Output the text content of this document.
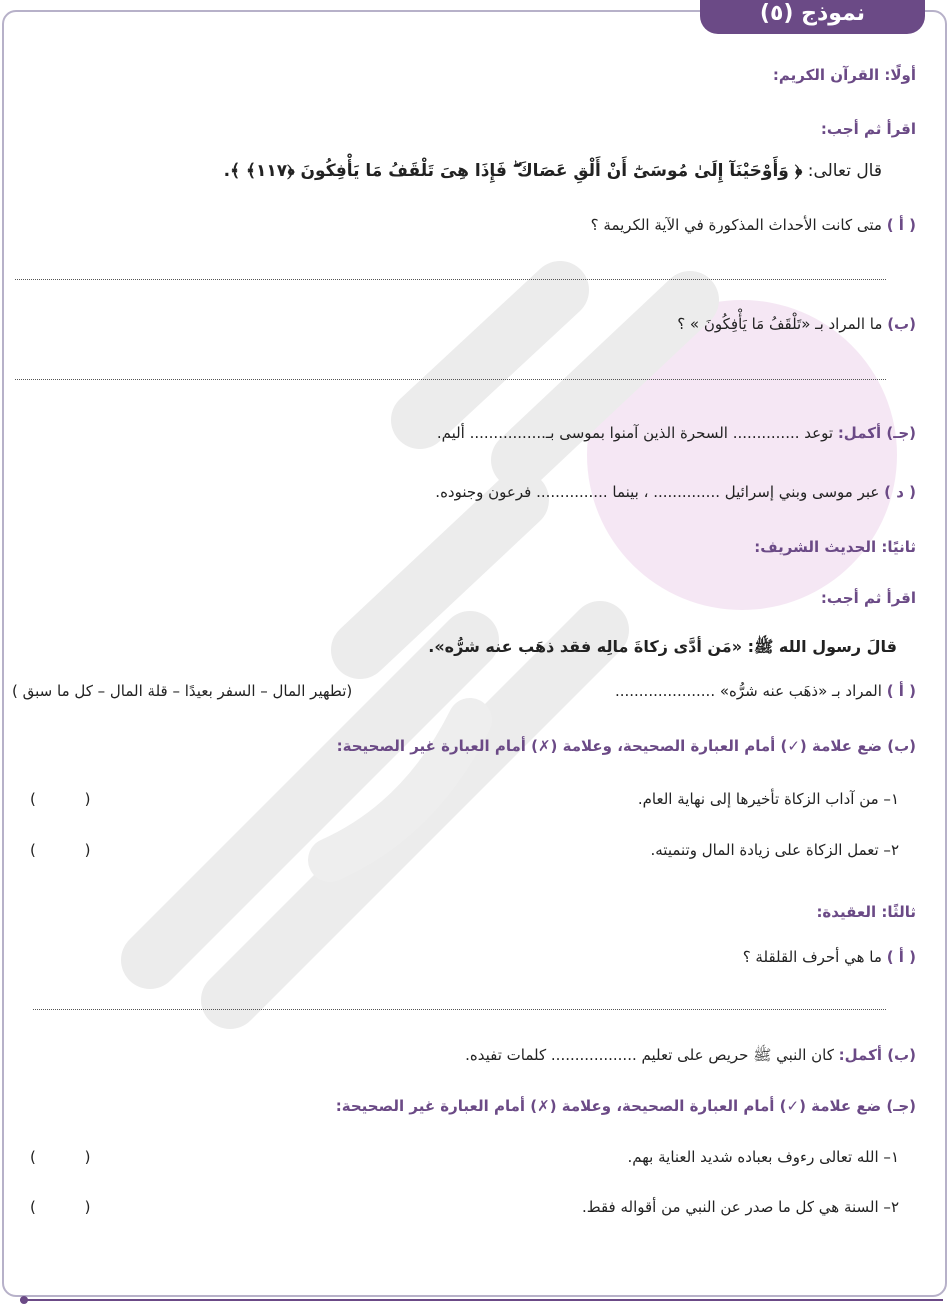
نموذج (٥)
أولًا: القرآن الكريم:
اقرأ ثم أجب:
قال تعالى: ﴿ وَأَوْحَيْنَآ إِلَىٰ مُوسَىٰٓ أَنْ أَلْقِ عَصَاكَ ۖ فَإِذَا هِىَ تَلْقَفُ مَا يَأْفِكُونَ ﴿١١٧﴾ ﴾.
( أ ) متى كانت الأحداث المذكورة في الآية الكريمة ؟
(ب) ما المراد بـ «تَلْقَفُ مَا يَأْفِكُونَ » ؟
(جـ) أكمل: توعد .............. السحرة الذين آمنوا بموسى بـ................ أليم.
( د ) عبر موسى وبني إسرائيل .............. ، بينما ............... فرعون وجنوده.
ثانيًا: الحديث الشريف:
اقرأ ثم أجب:
قالَ رسول الله ﷺ: «مَن أدَّى زكاةَ مالِه فقد ذهَب عنه شرُّه».
( أ ) المراد بـ «ذهَب عنه شرُّه» .....................
(تطهير المال – السفر بعيدًا – قلة المال – كل ما سبق )
(ب) ضع علامة (✓) أمام العبارة الصحيحة، وعلامة (✗) أمام العبارة غير الصحيحة:
١– من آداب الزكاة تأخيرها إلى نهاية العام.
( )
٢– تعمل الزكاة على زيادة المال وتنميته.
( )
ثالثًا: العقيدة:
( أ ) ما هي أحرف القلقلة ؟
(ب) أكمل: كان النبي ﷺ حريص على تعليم .................. كلمات تفيده.
(جـ) ضع علامة (✓) أمام العبارة الصحيحة، وعلامة (✗) أمام العبارة غير الصحيحة:
١– الله تعالى رءوف بعباده شديد العناية بهم.
( )
٢– السنة هي كل ما صدر عن النبي من أقواله فقط.
( )
